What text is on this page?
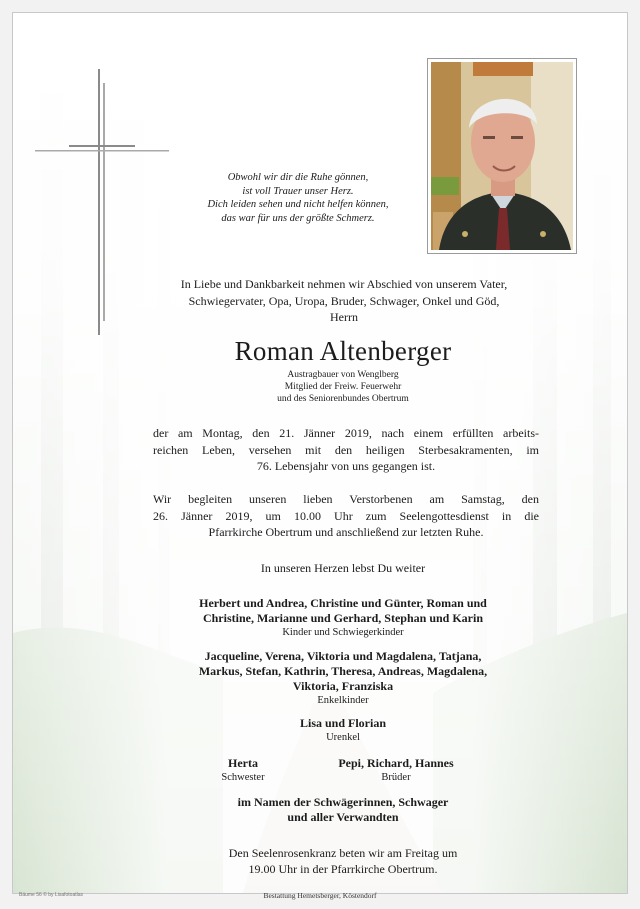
Obwohl wir dir die Ruhe gönnen,
ist voll Trauer unser Herz.
Dich leiden sehen und nicht helfen können,
das war für uns der größte Schmerz.
In Liebe und Dankbarkeit nehmen wir Abschied von unserem Vater,
Schwiegervater, Opa, Uropa, Bruder, Schwager, Onkel und Göd,
Herrn
Roman Altenberger
Austragbauer von Wenglberg
Mitglied der Freiw. Feuerwehr
und des Seniorenbundes Obertrum
der am Montag, den 21. Jänner 2019, nach einem erfüllten arbeits-
reichen Leben, versehen mit den heiligen Sterbesakramenten, im
76. Lebensjahr von uns gegangen ist.
Wir begleiten unseren lieben Verstorbenen am Samstag, den
26. Jänner 2019, um 10.00 Uhr zum Seelengottesdienst in die
Pfarrkirche Obertrum und anschließend zur letzten Ruhe.
In unseren Herzen lebst Du weiter
Herbert und Andrea, Christine und Günter, Roman und
Christine, Marianne und Gerhard, Stephan und Karin
Kinder und Schwiegerkinder
Jacqueline, Verena, Viktoria und Magdalena, Tatjana,
Markus, Stefan, Kathrin, Theresa, Andreas, Magdalena,
Viktoria, Franziska
Enkelkinder
Lisa und Florian
Urenkel
Herta
Schwester
Pepi, Richard, Hannes
Brüder
im Namen der Schwägerinnen, Schwager
und aller Verwandten
Den Seelenrosenkranz beten wir am Freitag um
19.00 Uhr in der Pfarrkirche Obertrum.
Bäume 56 © by Lisafotoatlas	Bestattung Hemetsberger, Köstendorf
